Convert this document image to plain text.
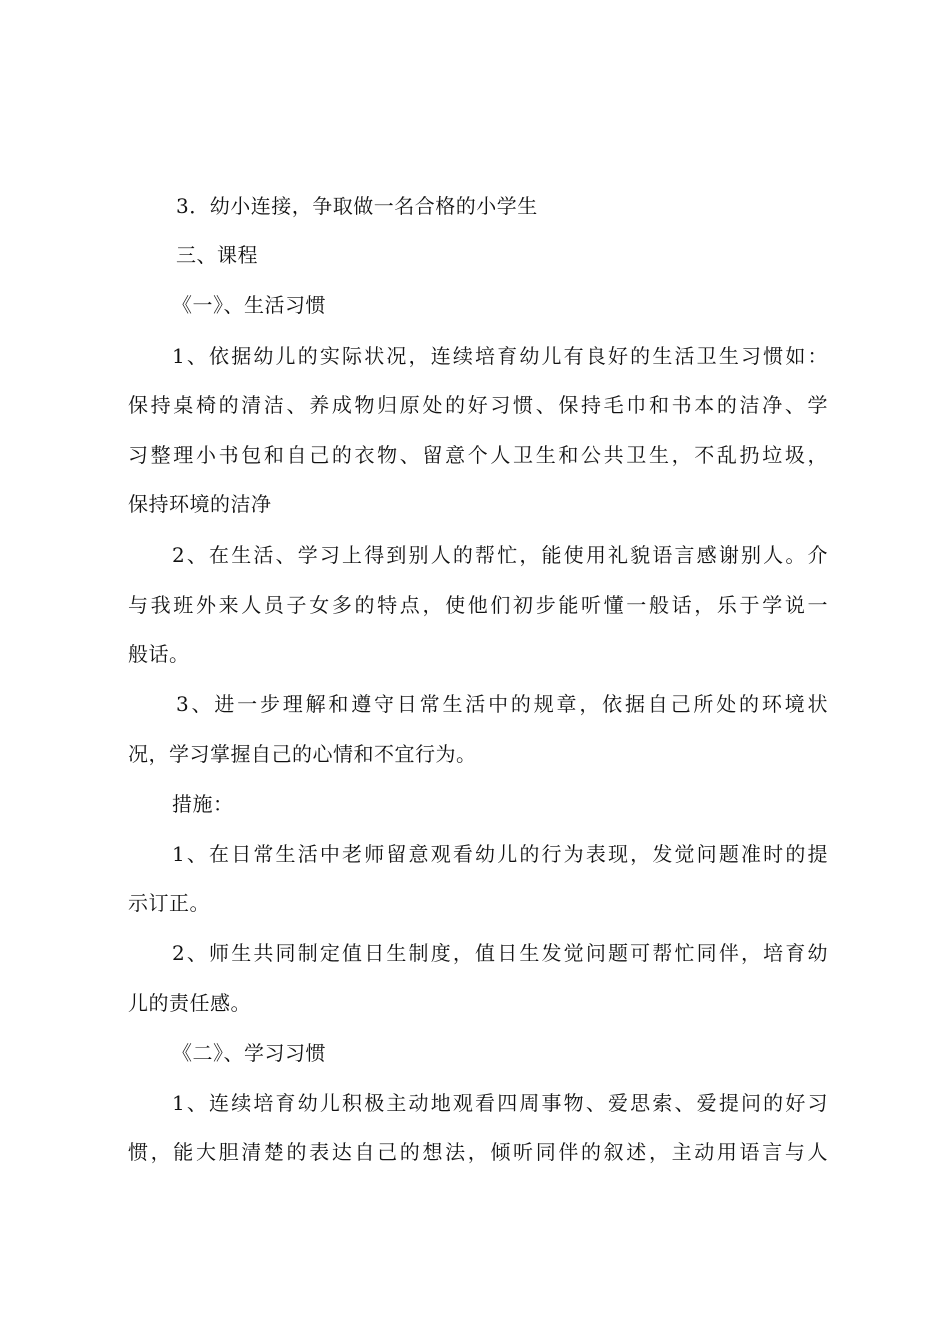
3．幼小连接，争取做一名合格的小学生
三、课程
《一》、生活习惯
1、依据幼儿的实际状况，连续培育幼儿有良好的生活卫生习惯如：
保持桌椅的清洁、养成物归原处的好习惯、保持毛巾和书本的洁净、学
习整理小书包和自己的衣物、留意个人卫生和公共卫生，不乱扔垃圾，
保持环境的洁净
2、在生活、学习上得到别人的帮忙，能使用礼貌语言感谢别人。介
与我班外来人员子女多的特点，使他们初步能听懂一般话，乐于学说一
般话。
3、进一步理解和遵守日常生活中的规章，依据自己所处的环境状
况，学习掌握自己的心情和不宜行为。
措施：
1、在日常生活中老师留意观看幼儿的行为表现，发觉问题准时的提
示订正。
2、师生共同制定值日生制度，值日生发觉问题可帮忙同伴，培育幼
儿的责任感。
《二》、学习习惯
1、连续培育幼儿积极主动地观看四周事物、爱思索、爱提问的好习
惯，能大胆清楚的表达自己的想法，倾听同伴的叙述，主动用语言与人
